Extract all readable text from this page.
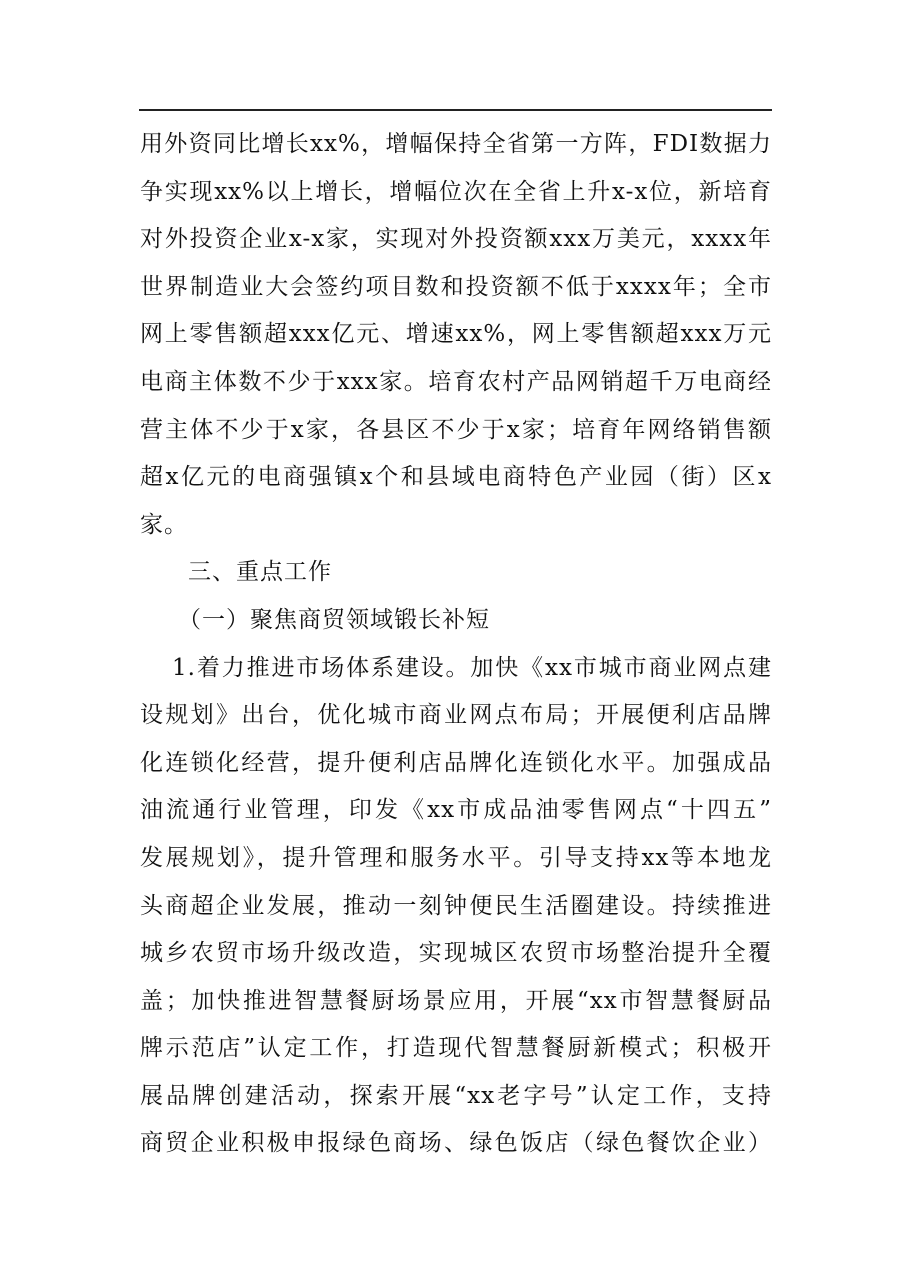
用外资同比增长xx%，增幅保持全省第一方阵，FDI数据力
争实现xx%以上增长，增幅位次在全省上升x-x位，新培育
对外投资企业x-x家，实现对外投资额xxx万美元，xxxx年
世界制造业大会签约项目数和投资额不低于xxxx年；全市
网上零售额超xxx亿元、增速xx%，网上零售额超xxx万元
电商主体数不少于xxx家。培育农村产品网销超千万电商经
营主体不少于x家，各县区不少于x家；培育年网络销售额
超x亿元的电商强镇x个和县域电商特色产业园（街）区x
家。
三、重点工作
（一）聚焦商贸领域锻长补短
1.着力推进市场体系建设。加快《xx市城市商业网点建
设规划》出台，优化城市商业网点布局；开展便利店品牌
化连锁化经营，提升便利店品牌化连锁化水平。加强成品
油流通行业管理，印发《xx市成品油零售网点“十四五”
发展规划》，提升管理和服务水平。引导支持xx等本地龙
头商超企业发展，推动一刻钟便民生活圈建设。持续推进
城乡农贸市场升级改造，实现城区农贸市场整治提升全覆
盖；加快推进智慧餐厨场景应用，开展“xx市智慧餐厨品
牌示范店”认定工作，打造现代智慧餐厨新模式；积极开
展品牌创建活动，探索开展“xx老字号”认定工作，支持
商贸企业积极申报绿色商场、绿色饭店（绿色餐饮企业）
